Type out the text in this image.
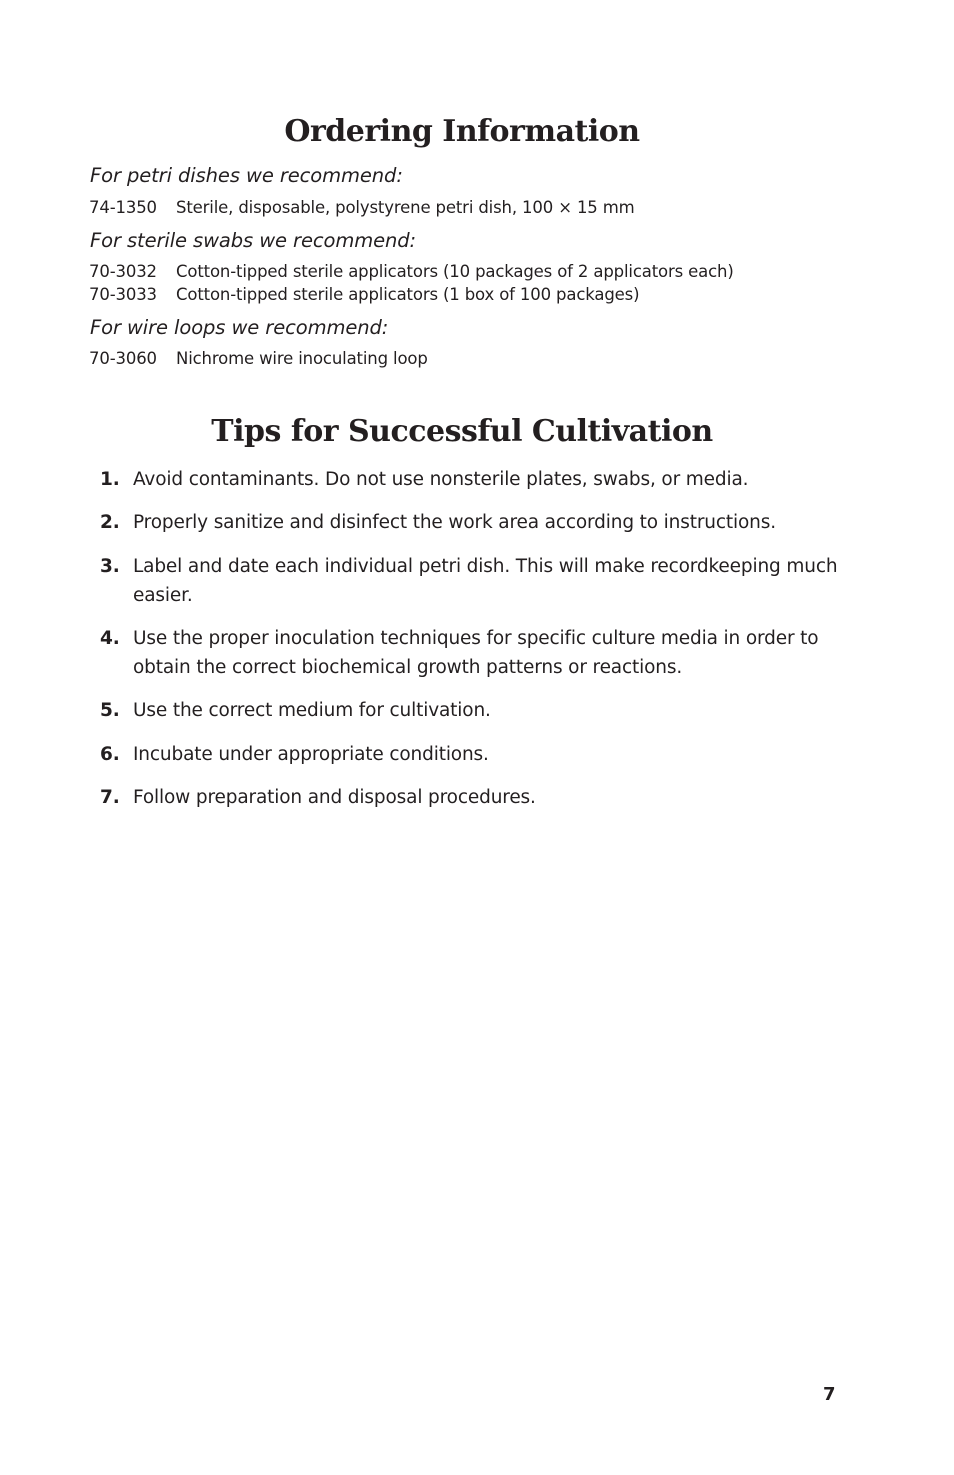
Ordering Information

For petri dishes we recommend:

74-1350 Sterile, disposable, polystyrene petri dish, 100 × 15 mm

For sterile swabs we recommend:

70-3032 Cotton-tipped sterile applicators (10 packages of 2 applicators each)

70-3033 Cotton-tipped sterile applicators (1 box of 100 packages)

For wire loops we recommend:

70-3060 Nichrome wire inoculating loop

Tips for Successful Cultivation
1. Avoid contaminants. Do not use nonsterile plates, swabs, or media.
2. Properly sanitize and disinfect the work area according to instructions.
3. Label and date each individual petri dish. This will make recordkeeping much easier.
4. Use the proper inoculation techniques for specific culture media in order to obtain the correct biochemical growth patterns or reactions.
5. Use the correct medium for cultivation.
6. Incubate under appropriate conditions.
7. Follow preparation and disposal procedures.
7
